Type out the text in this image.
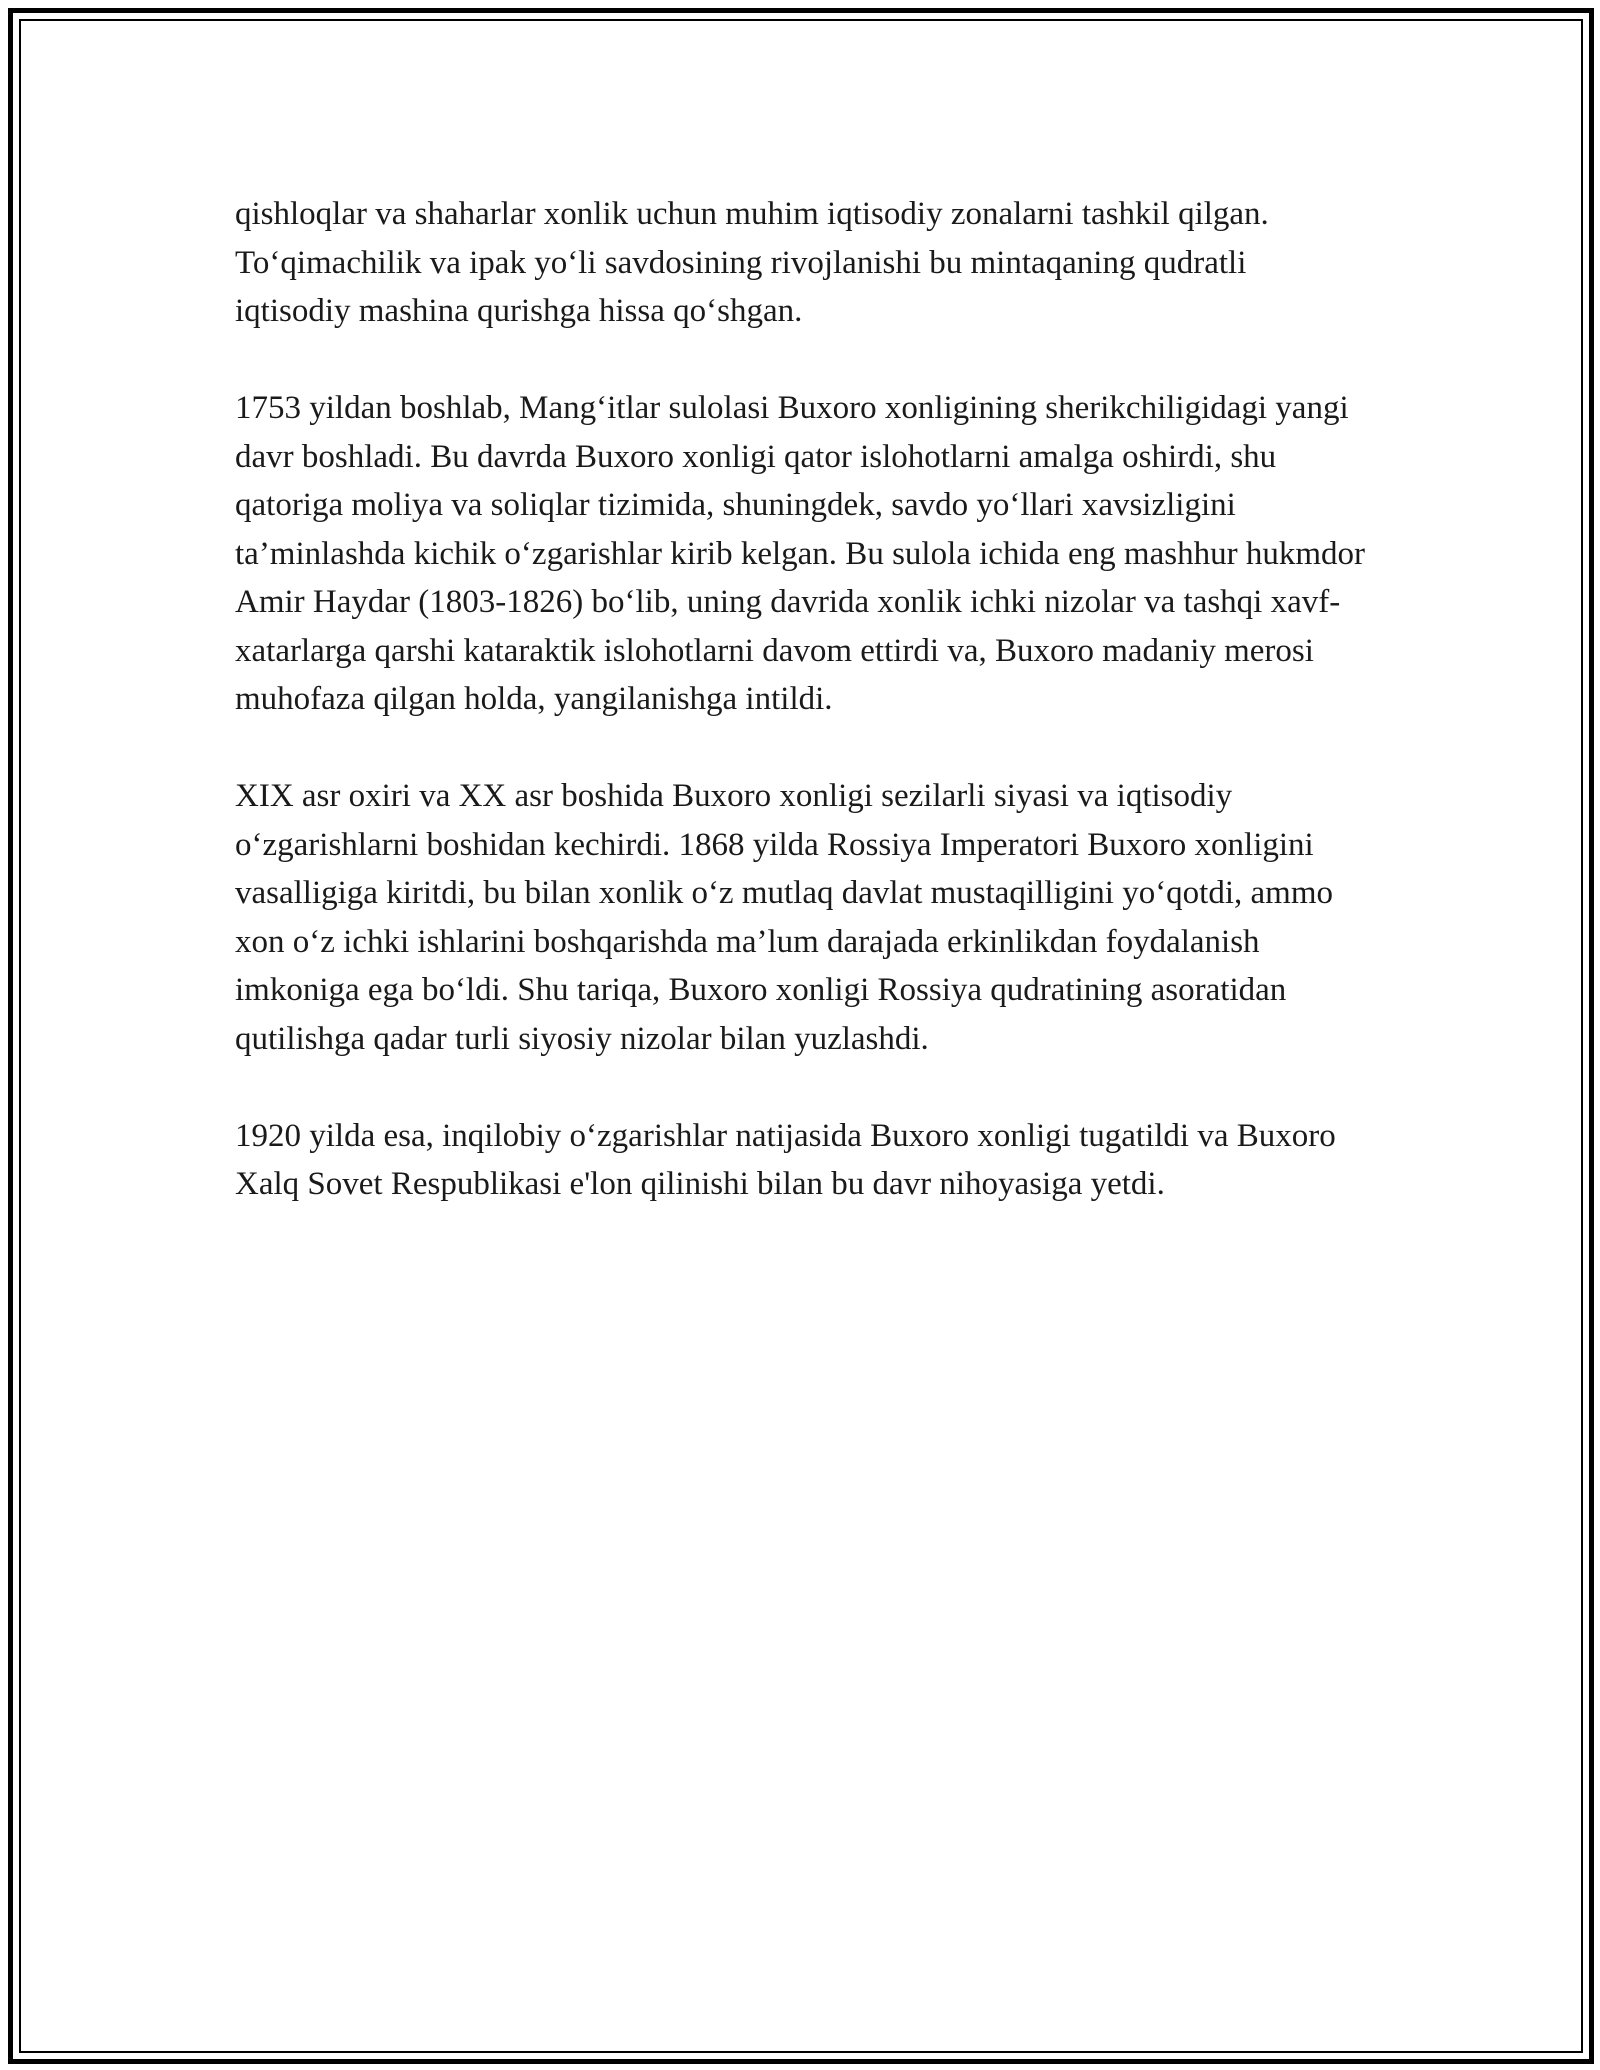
qishloqlar va shaharlar xonlik uchun muhim iqtisodiy zonalarni tashkil qilgan. To‘qimachilik va ipak yo‘li savdosining rivojlanishi bu mintaqaning qudratli iqtisodiy mashina qurishga hissa qo‘shgan.

1753 yildan boshlab, Mang‘itlar sulolasi Buxoro xonligining sherikchiligidagi yangi davr boshladi. Bu davrda Buxoro xonligi qator islohotlarni amalga oshirdi, shu qatoriga moliya va soliqlar tizimida, shuningdek, savdo yo‘llari xavsizligini ta’minlashda kichik o‘zgarishlar kirib kelgan. Bu sulola ichida eng mashhur hukmdor Amir Haydar (1803-1826) bo‘lib, uning davrida xonlik ichki nizolar va tashqi xavf-xatarlarga qarshi kataraktik islohotlarni davom ettirdi va, Buxoro madaniy merosi muhofaza qilgan holda, yangilanishga intildi.

XIX asr oxiri va XX asr boshida Buxoro xonligi sezilarli siyasi va iqtisodiy o‘zgarishlarni boshidan kechirdi. 1868 yilda Rossiya Imperatori Buxoro xonligini vasalligiga kiritdi, bu bilan xonlik o‘z mutlaq davlat mustaqilligini yo‘qotdi, ammo xon o‘z ichki ishlarini boshqarishda ma’lum darajada erkinlikdan foydalanish imkoniga ega bo‘ldi. Shu tariqa, Buxoro xonligi Rossiya qudratining asoratidan qutilishga qadar turli siyosiy nizolar bilan yuzlashdi.

1920 yilda esa, inqilobiy o‘zgarishlar natijasida Buxoro xonligi tugatildi va Buxoro Xalq Sovet Respublikasi e'lon qilinishi bilan bu davr nihoyasiga yetdi.
